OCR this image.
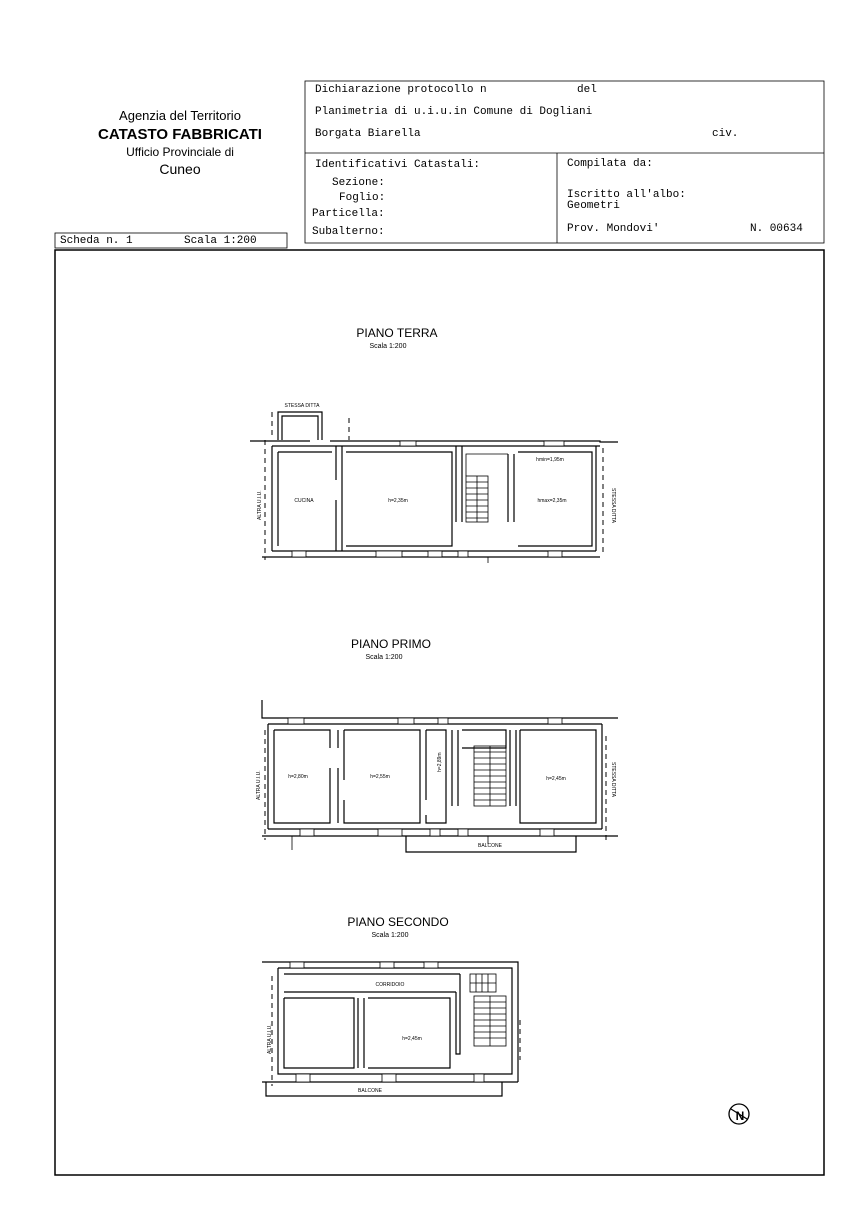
Agenzia del Territorio
CATASTO FABBRICATI
Ufficio Provinciale di
Cuneo
PIANO TERRA
Scala 1:200
STESSA DITTA
ALTRA U.I.U.	STESSA DITTA
CUCINA	h=2,35m
hmin=1,95m
hmax=2,35m
PIANO PRIMO
Scala 1:200
ALTRA U.I.U.	STESSA DITTA
h=2,80m	h=2,55m
h=2,89m
h=2,45m
BALCONE
PIANO SECONDO
Scala 1:200
ALTRA U.I.U.
CORRIDOIO
h=2,45m
BALCONE
N
Dichiarazione protocollo n	del
Planimetria di u.i.u.in Comune di Dogliani
Borgata Biarella	civ.
Identificativi Catastali:
Sezione:
Foglio:
Particella:
Subalterno:
Compilata da:
Iscritto all'albo:
Geometri
Prov. Mondovi'	N. 00634
Scheda n. 1	Scala 1:200
